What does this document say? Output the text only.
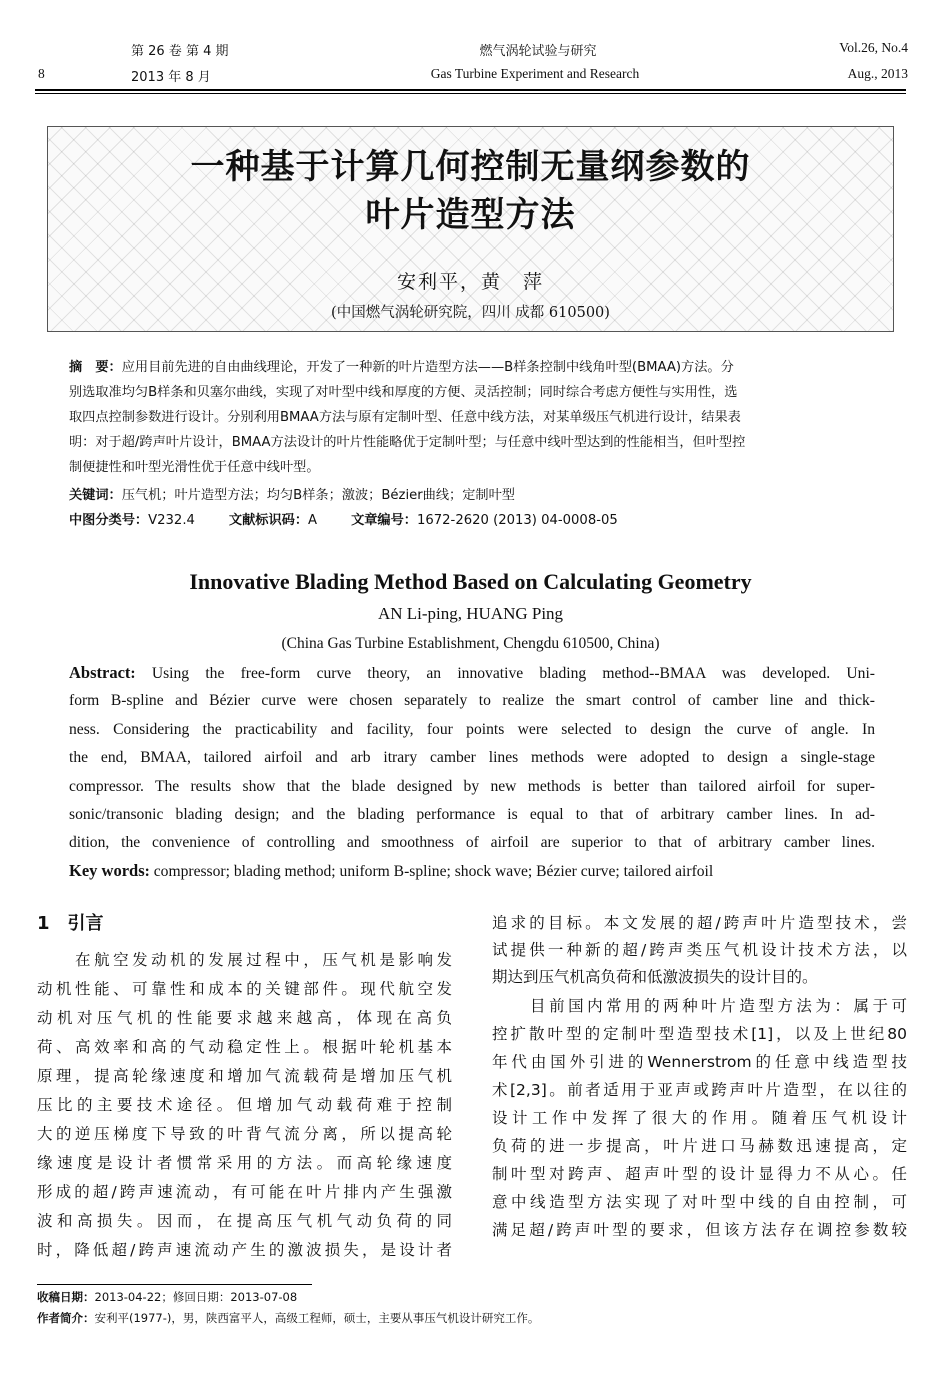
8
第 26 卷 第 4 期
2013 年 8 月
燃气涡轮试验与研究
Gas Turbine Experiment and Research
Vol.26, No.4
Aug., 2013
一种基于计算几何控制无量纲参数的
叶片造型方法
安利平，黄　萍
(中国燃气涡轮研究院，四川 成都 610500)
摘　要：应用目前先进的自由曲线理论，开发了一种新的叶片造型方法——B样条控制中线角叶型(BMAA)方法。分
别选取准均匀B样条和贝塞尔曲线，实现了对叶型中线和厚度的方便、灵活控制；同时综合考虑方便性与实用性，选
取四点控制参数进行设计。分别利用BMAA方法与原有定制叶型、任意中线方法，对某单级压气机进行设计，结果表
明：对于超/跨声叶片设计，BMAA方法设计的叶片性能略优于定制叶型；与任意中线叶型达到的性能相当，但叶型控
制便捷性和叶型光滑性优于任意中线叶型。
关键词：压气机；叶片造型方法；均匀B样条；激波；Bézier曲线；定制叶型
中图分类号：V232.4	文献标识码：A	文章编号：1672-2620 (2013) 04-0008-05
Innovative Blading Method Based on Calculating Geometry
AN Li-ping, HUANG Ping
(China Gas Turbine Establishment, Chengdu 610500, China)
Abstract: Using the free-form curve theory, an innovative blading method--BMAA was developed. Uni-
form B-spline and Bézier curve were chosen separately to realize the smart control of camber line and thick-
ness. Considering the practicability and facility, four points were selected to design the curve of angle. In
the end, BMAA, tailored airfoil and arb itrary camber lines methods were adopted to design a single-stage
compressor. The results show that the blade designed by new methods is better than tailored airfoil for super-
sonic/transonic blading design; and the blading performance is equal to that of arbitrary camber lines. In ad-
dition, the convenience of controlling and smoothness of airfoil are superior to that of arbitrary camber lines.
Key words: compressor; blading method; uniform B-spline; shock wave; Bézier curve; tailored airfoil
1　引言
　　在航空发动机的发展过程中，压气机是影响发
动机性能、可靠性和成本的关键部件。现代航空发
动机对压气机的性能要求越来越高，体现在高负
荷、高效率和高的气动稳定性上。根据叶轮机基本
原理，提高轮缘速度和增加气流载荷是增加压气机
压比的主要技术途径。但增加气动载荷难于控制
大的逆压梯度下导致的叶背气流分离，所以提高轮
缘速度是设计者惯常采用的方法。而高轮缘速度
形成的超/跨声速流动，有可能在叶片排内产生强激
波和高损失。因而，在提高压气机气动负荷的同
时，降低超/跨声速流动产生的激波损失，是设计者
追求的目标。本文发展的超/跨声叶片造型技术，尝
试提供一种新的超/跨声类压气机设计技术方法，以
期达到压气机高负荷和低激波损失的设计目的。
　　目前国内常用的两种叶片造型方法为：属于可
控扩散叶型的定制叶型造型技术[1]，以及上世纪80
年代由国外引进的Wennerstrom的任意中线造型技
术[2,3]。前者适用于亚声或跨声叶片造型，在以往的
设计工作中发挥了很大的作用。随着压气机设计
负荷的进一步提高，叶片进口马赫数迅速提高，定
制叶型对跨声、超声叶型的设计显得力不从心。任
意中线造型方法实现了对叶型中线的自由控制，可
满足超/跨声叶型的要求，但该方法存在调控参数较
收稿日期：2013-04-22；修回日期：2013-07-08
作者简介：安利平(1977-)，男，陕西富平人，高级工程师，硕士，主要从事压气机设计研究工作。
